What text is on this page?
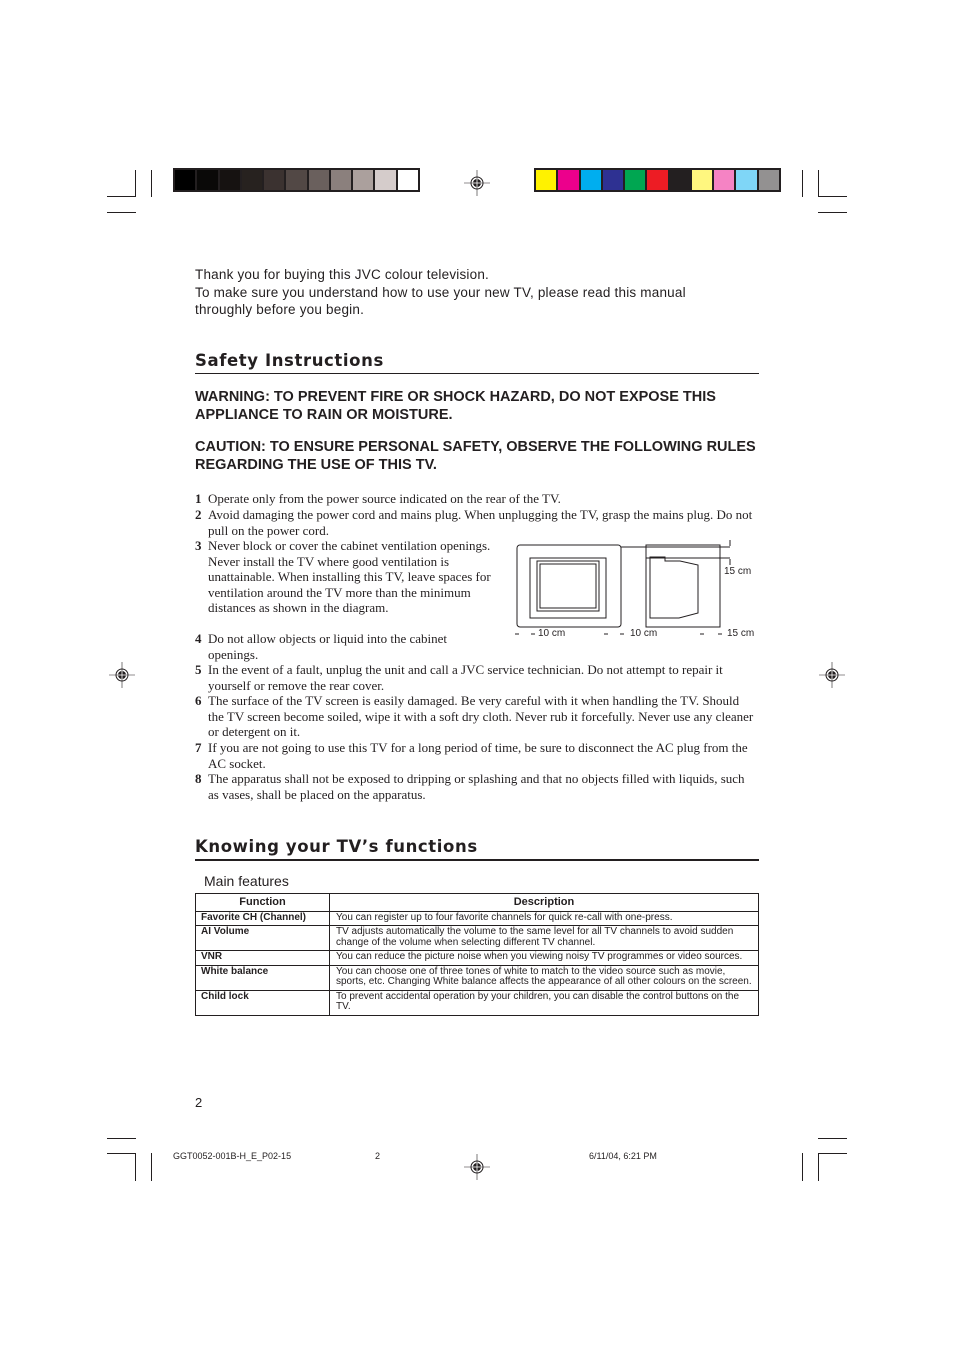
Thank you for buying this JVC colour television.
To make sure you understand how to use your new TV, please read this manual throughly before you begin.
Safety Instructions
WARNING: TO PREVENT FIRE OR SHOCK HAZARD, DO NOT EXPOSE THIS APPLIANCE TO RAIN OR MOISTURE.
CAUTION: TO ENSURE PERSONAL SAFETY, OBSERVE THE FOLLOWING RULES REGARDING THE USE OF THIS TV.
1 Operate only from the power source indicated on the rear of the TV.
2 Avoid damaging the power cord and mains plug. When unplugging the TV, grasp the mains plug. Do not pull on the power cord.
3 Never block or cover the cabinet ventilation openings. Never install the TV where good ventilation is unattainable. When installing this TV, leave spaces for ventilation around the TV more than the minimum distances as shown in the diagram.
4 Do not allow objects or liquid into the cabinet openings.
5 In the event of a fault, unplug the unit and call a JVC service technician. Do not attempt to repair it yourself or remove the rear cover.
6 The surface of the TV screen is easily damaged. Be very careful with it when handling the TV. Should the TV screen become soiled, wipe it with a soft dry cloth. Never rub it forcefully. Never use any cleaner or detergent on it.
7 If you are not going to use this TV for a long period of time, be sure to disconnect the AC plug from the AC socket.
8 The apparatus shall not be exposed to dripping or splashing and that no objects filled with liquids, such as vases, shall be placed on the apparatus.
15 cm
10 cm	10 cm	15 cm
Knowing your TV’s functions
Main features
Function	Description
Favorite CH (Channel)	You can register up to four favorite channels for quick re-call with one-press.
AI Volume	TV adjusts automatically the volume to the same level for all TV channels to avoid sudden change of the volume when selecting different TV channel.
VNR	You can reduce the picture noise when you viewing noisy TV programmes or video sources.
White balance	You can choose one of three tones of white to match to the video source such as movie, sports, etc. Changing White balance affects the appearance of all other colours on the screen.
Child lock	To prevent accidental operation by your children, you can disable the control buttons on the TV.
2
GGT0052-001B-H_E_P02-15	2	6/11/04, 6:21 PM
